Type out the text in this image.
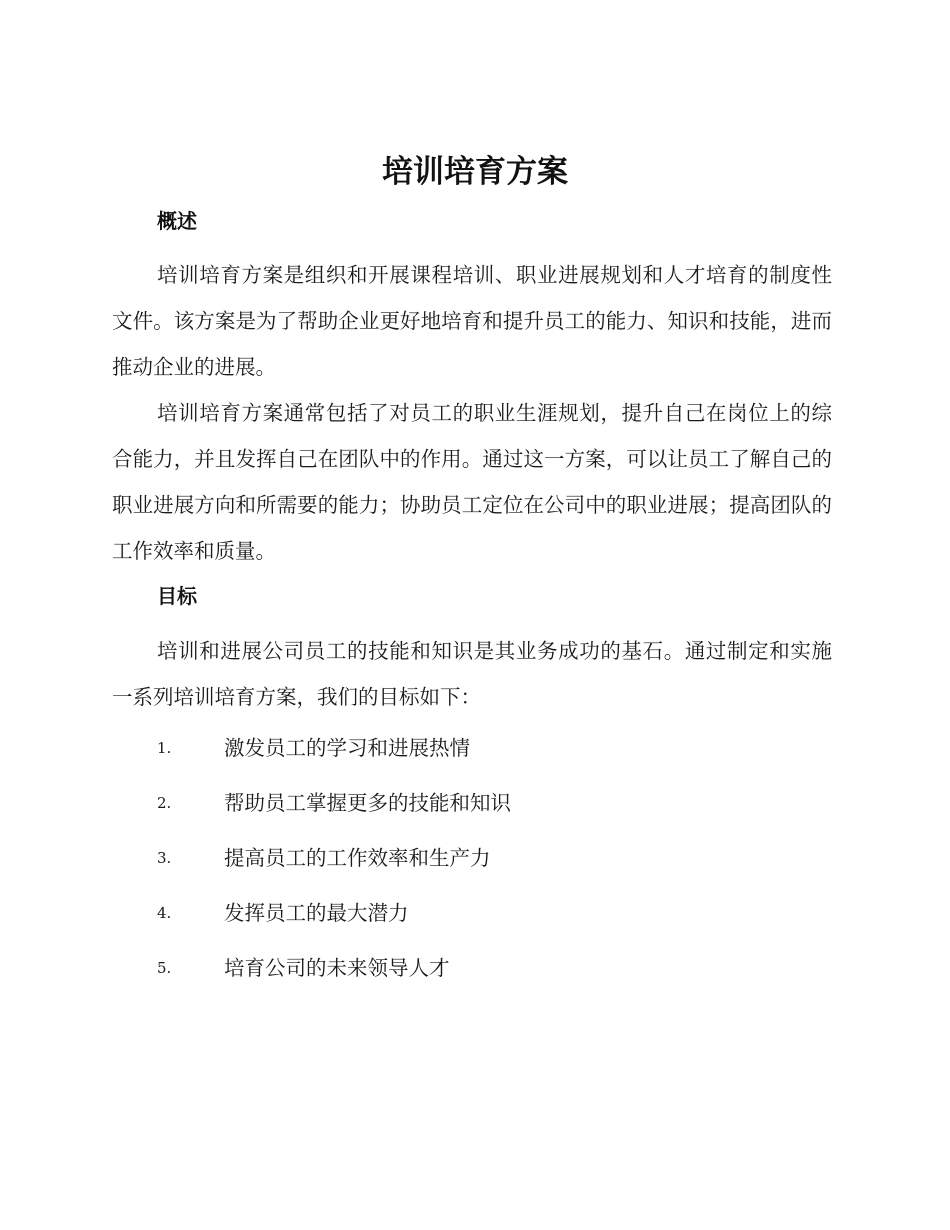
培训培育方案
概述

培训培育方案是组织和开展课程培训、职业进展规划和人才培育的制度性文件。该方案是为了帮助企业更好地培育和提升员工的能力、知识和技能，进而推动企业的进展。

培训培育方案通常包括了对员工的职业生涯规划，提升自己在岗位上的综合能力，并且发挥自己在团队中的作用。通过这一方案，可以让员工了解自己的职业进展方向和所需要的能力；协助员工定位在公司中的职业进展；提高团队的工作效率和质量。

目标

培训和进展公司员工的技能和知识是其业务成功的基石。通过制定和实施一系列培训培育方案，我们的目标如下：

1.	激发员工的学习和进展热情
2.	帮助员工掌握更多的技能和知识
3.	提高员工的工作效率和生产力
4.	发挥员工的最大潜力
5.	培育公司的未来领导人才
